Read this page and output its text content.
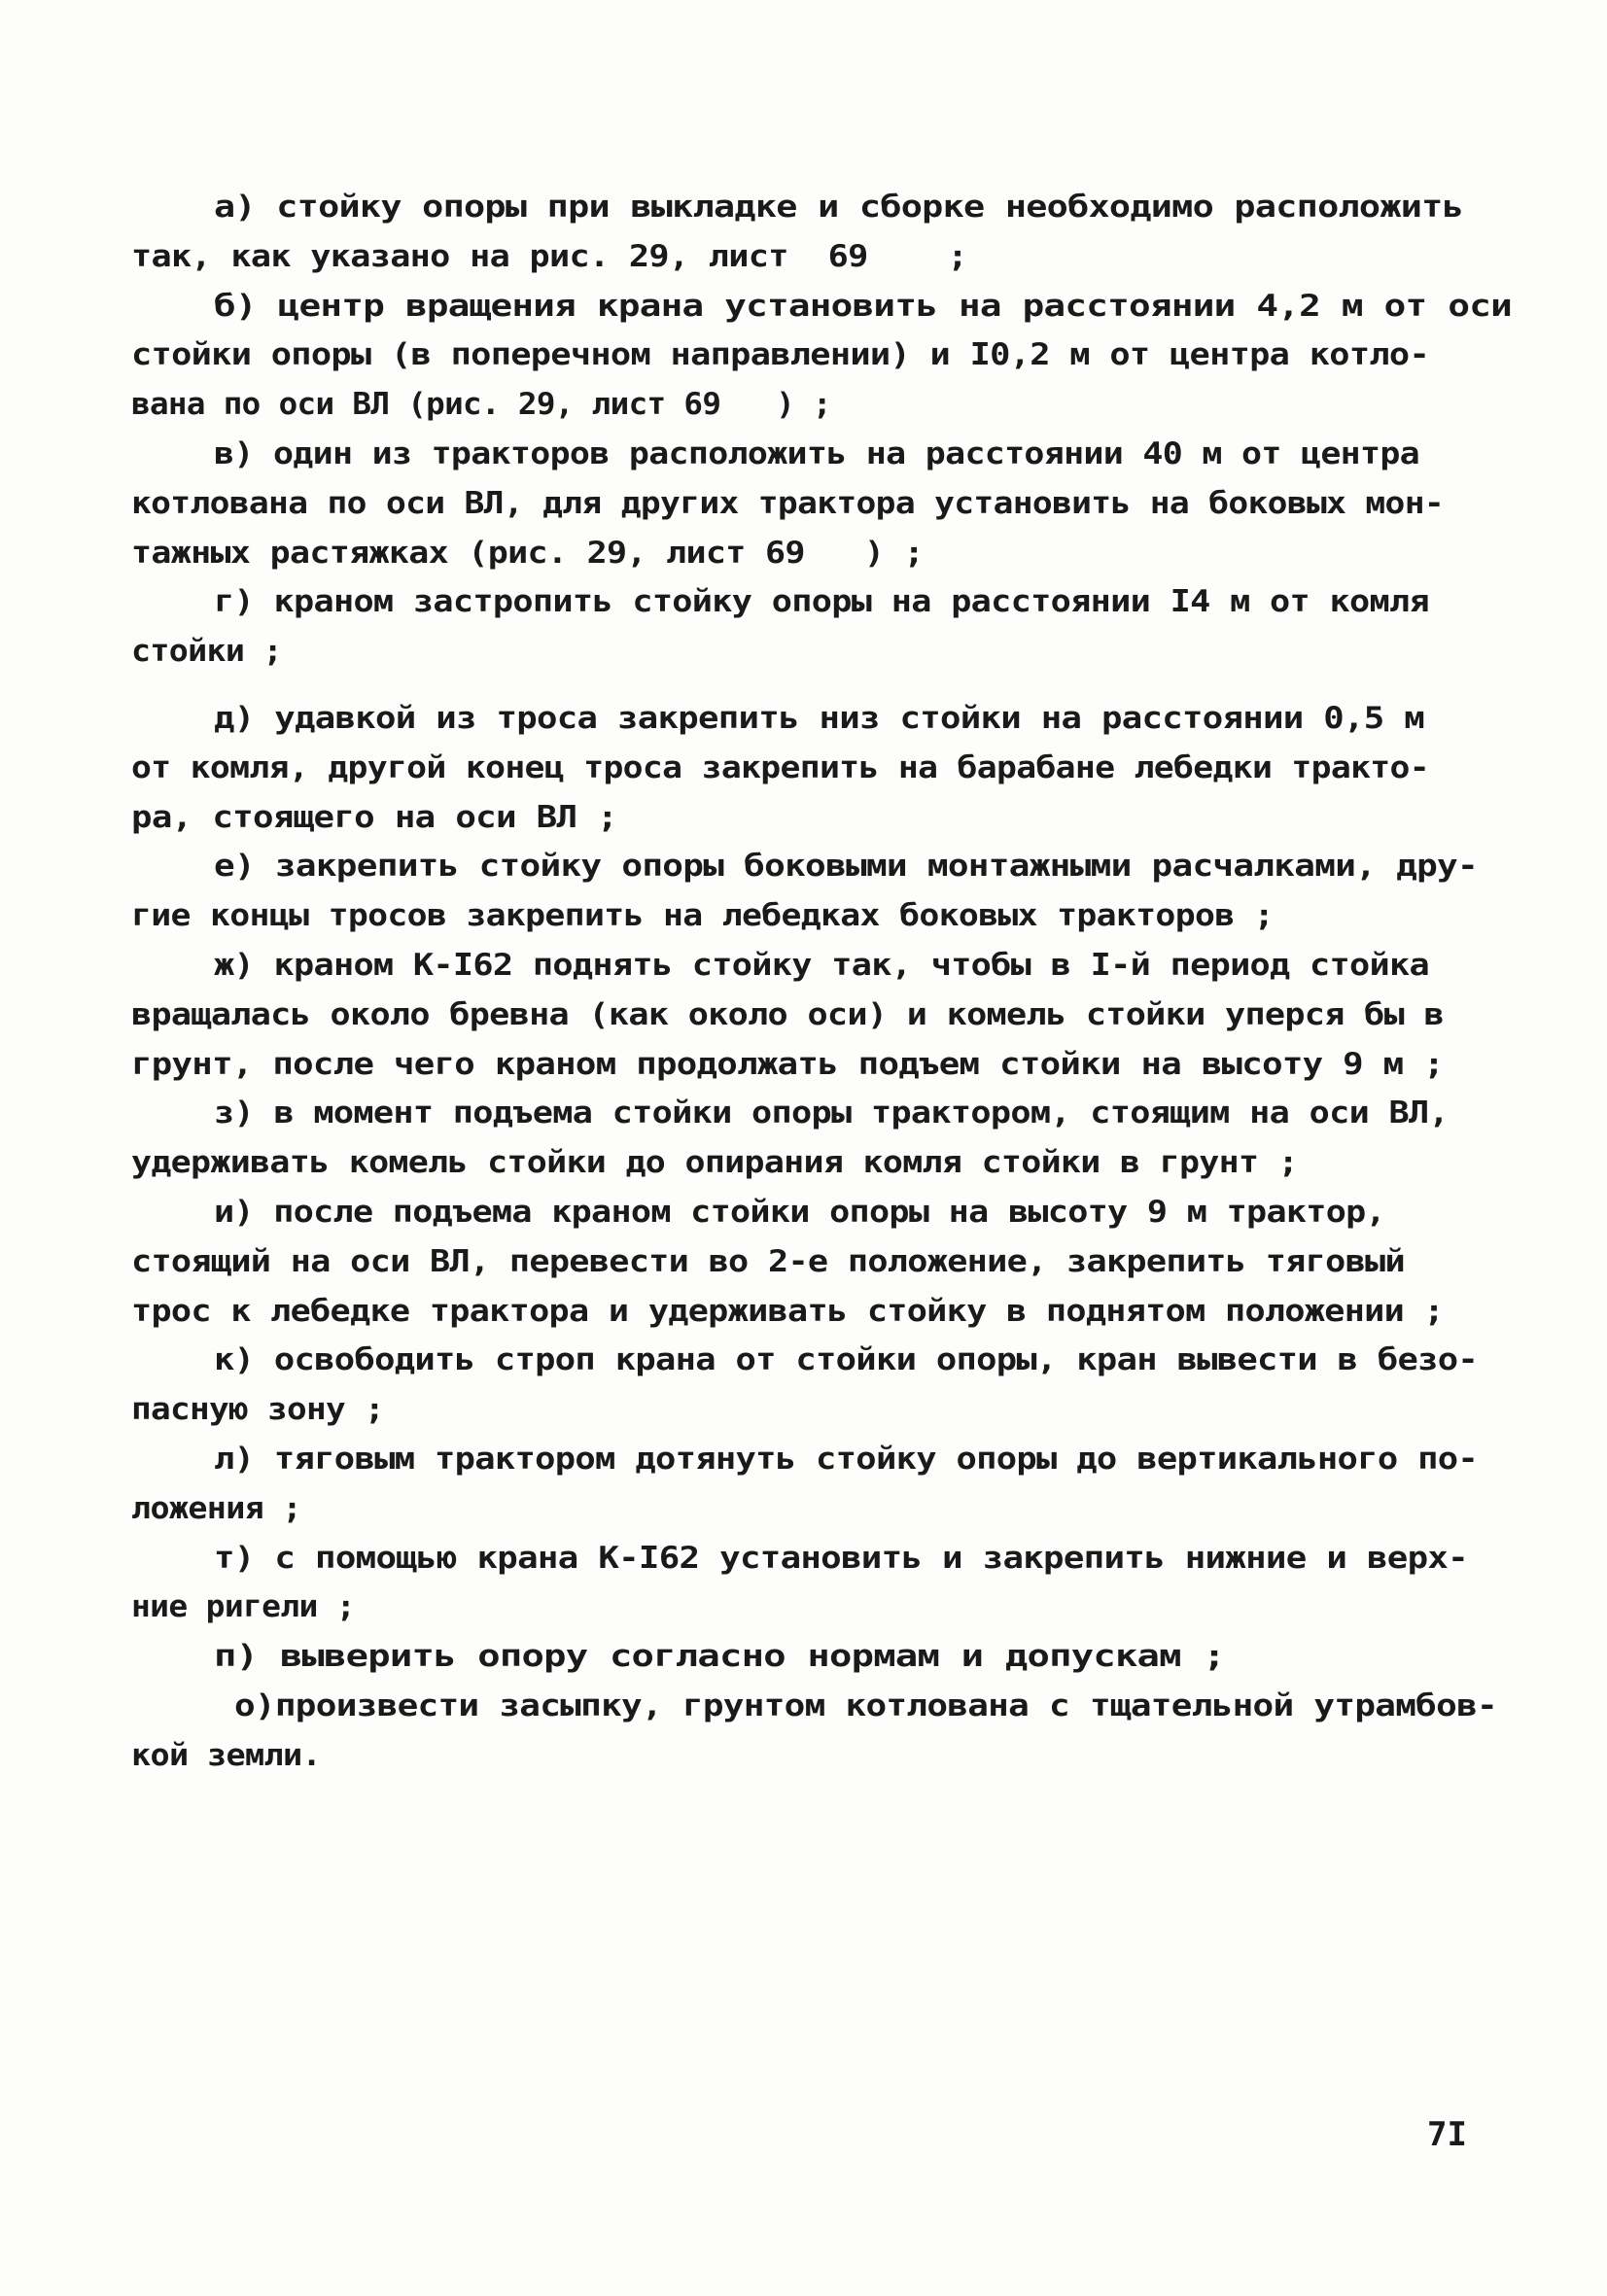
а) стойку опоры при выкладке и сборке необходимо расположить
так, как указано на рис. 29, лист  69    ;
б) центр вращения крана установить на расстоянии 4,2 м от оси
стойки опоры (в поперечном направлении) и I0,2 м от центра котло-
вана по оси ВЛ (рис. 29, лист 69   ) ;
в) один из тракторов расположить на расстоянии 40 м от центра
котлована по оси ВЛ, для других трактора установить на боковых мон-
тажных растяжках (рис. 29, лист 69   ) ;
г) краном застропить стойку опоры на расстоянии I4 м от комля
стойки ;
д) удавкой из троса закрепить низ стойки на расстоянии 0,5 м
от комля, другой конец троса закрепить на барабане лебедки тракто-
ра, стоящего на оси ВЛ ;
е) закрепить стойку опоры боковыми монтажными расчалками, дру-
гие концы тросов закрепить на лебедках боковых тракторов ;
ж) краном К-I62 поднять стойку так, чтобы в I-й период стойка
вращалась около бревна (как около оси) и комель стойки уперся бы в
грунт, после чего краном продолжать подъем стойки на высоту 9 м ;
з) в момент подъема стойки опоры трактором, стоящим на оси ВЛ,
удерживать комель стойки до опирания комля стойки в грунт ;
и) после подъема краном стойки опоры на высоту 9 м трактор,
стоящий на оси ВЛ, перевести во 2-е положение, закрепить тяговый
трос к лебедке трактора и удерживать стойку в поднятом положении ;
к) освободить строп крана от стойки опоры, кран вывести в безо-
пасную зону ;
л) тяговым трактором дотянуть стойку опоры до вертикального по-
ложения ;
т) с помощью крана К-I62 установить и закрепить нижние и верх-
ние ригели ;
п) выверить опору согласно нормам и допускам ;
о)произвести засыпку, грунтом котлована с тщательной утрамбов-
кой земли.
7I
